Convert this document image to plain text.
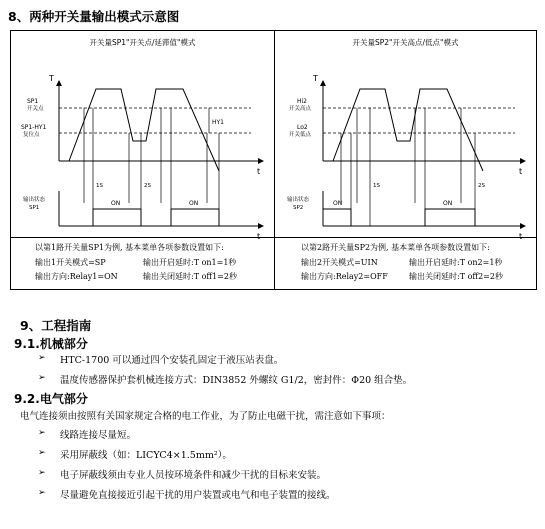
8、两种开关量输出模式示意图
开关量SP1"开关点/延滞值"模式
T
t
SP1
开关点
SP1-HY1
复位点
HY1
1S	2S
输出状态
SP1
ON	ON
t
以第1路开关量SP1为例, 基本菜单各项参数设置如下:
输出1开关模式=SP	输出开启延时:T on1=1秒
输出方向:Relay1=ON	输出关闭延时:T off1=2秒
开关量SP2"开关高点/低点"模式
T
t
Hi2
开关高点
Lo2
开关低点
1S	2S
输出状态
SP2
ON	ON
t
以第2路开关量SP2为例, 基本菜单各项参数设置如下:
输出2开关模式=UIN	输出开启延时:T on2=1秒
输出方向:Relay2=OFF	输出关闭延时:T off2=2秒
9、工程指南
9.1.机械部分
➢ HTC-1700 可以通过四个安装孔固定于液压站表盘。
➢ 温度传感器保护套机械连接方式：DIN3852 外螺纹 G1/2，密封件：Φ20 组合垫。
9.2.电气部分
电气连接须由按照有关国家规定合格的电工作业，为了防止电磁干扰，需注意如下事项：
➢ 线路连接尽量短。
➢ 采用屏蔽线（如：LICYC4×1.5mm²）。
➢ 电子屏蔽线须由专业人员按环境条件和减少干扰的目标来安装。
➢ 尽量避免直接接近引起干扰的用户装置或电气和电子装置的接线。
